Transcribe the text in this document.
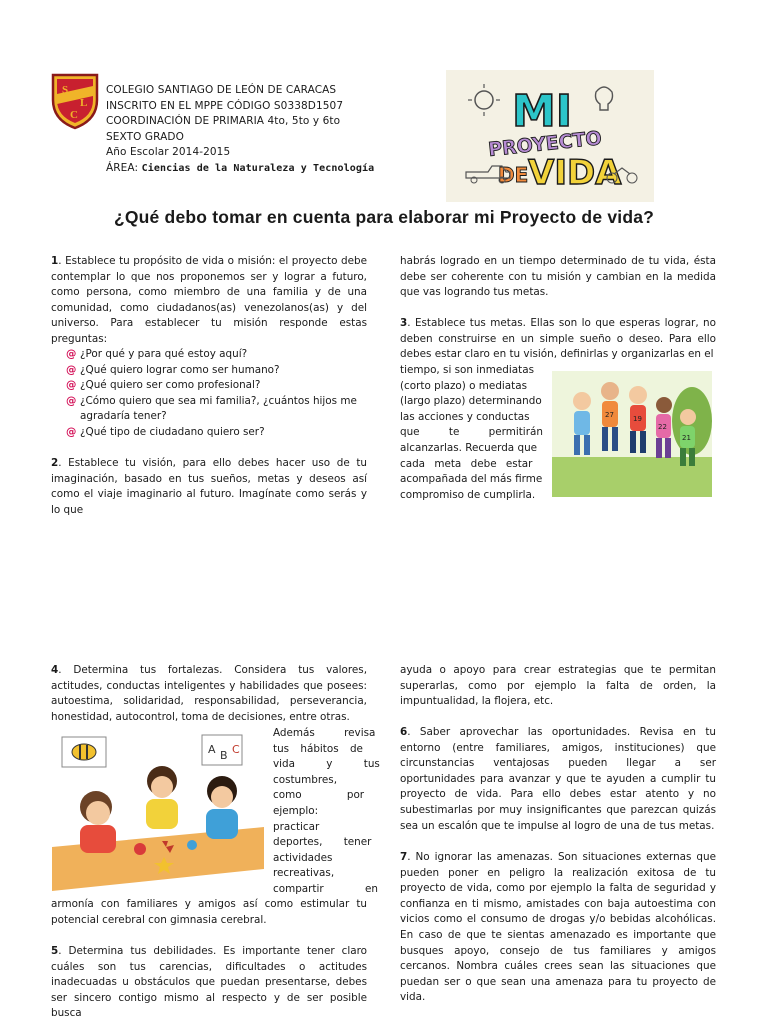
S
L
C
COLEGIO SANTIAGO DE LEÓN DE CARACAS
INSCRITO EN EL MPPE CÓDIGO S0338D1507
COORDINACIÓN DE PRIMARIA 4to, 5to y 6to
SEXTO GRADO
Año Escolar 2014-2015
ÁREA: Ciencias de la Naturaleza y Tecnología
MI
PROYECTO
DE VIDA
¿Qué debo tomar en cuenta para elaborar mi Proyecto de vida?

1. Establece tu propósito de vida o misión: el proyecto debe contemplar lo que nos proponemos ser y lograr a futuro, como persona, como miembro de una familia y de una comunidad, como ciudadanos(as) venezolanos(as) y del universo. Para establecer tu misión responde estas preguntas:

@ ¿Por qué y para qué estoy aquí?
@ ¿Qué quiero lograr como ser humano?
@ ¿Qué quiero ser como profesional?
@ ¿Cómo quiero que sea mi familia?, ¿cuántos hijos me
agradaría tener?
@ ¿Qué tipo de ciudadano quiero ser?

2. Establece tu visión, para ello debes hacer uso de tu imaginación, basado en tus sueños, metas y deseos así como el viaje imaginario al futuro. Imagínate como serás y lo que

habrás logrado en un tiempo determinado de tu vida, ésta debe ser coherente con tu misión y cambian en la medida que vas logrando tus metas.

3. Establece tus metas. Ellas son lo que esperas lograr, no deben construirse en un simple sueño o deseo. Para ello debes estar claro en tu visión, definirlas y organizarlas en el

tiempo, si son inmediatas
(corto plazo) o mediatas
(largo plazo) determinando
las acciones y conductas
que te permitirán
alcanzarlas. Recuerda que
cada meta debe estar
acompañada del más firme
compromiso de cumplirla.
27	19
22
21

4. Determina tus fortalezas. Considera tus valores, actitudes, conductas inteligentes y habilidades que posees: autoestima, solidaridad, responsabilidad, perseverancia, honestidad, autocontrol, toma de decisiones, entre otras.

A B C
Además revisa
tus hábitos de
vida y tus
costumbres,
como por
ejemplo:
practicar
deportes, tener
actividades
recreativas,
compartir en

armonía con familiares y amigos así como estimular tu potencial cerebral con gimnasia cerebral.

5. Determina tus debilidades. Es importante tener claro cuáles son tus carencias, dificultades o actitudes inadecuadas u obstáculos que puedan presentarse, debes ser sincero contigo mismo al respecto y de ser posible busca

ayuda o apoyo para crear estrategias que te permitan superarlas, como por ejemplo la falta de orden, la impuntualidad, la flojera, etc.

6. Saber aprovechar las oportunidades. Revisa en tu entorno (entre familiares, amigos, instituciones) que circunstancias ventajosas pueden llegar a ser oportunidades para avanzar y que te ayuden a cumplir tu proyecto de vida. Para ello debes estar atento y no subestimarlas por muy insignificantes que parezcan quizás sea un escalón que te impulse al logro de una de tus metas.

7. No ignorar las amenazas. Son situaciones externas que pueden poner en peligro la realización exitosa de tu proyecto de vida, como por ejemplo la falta de seguridad y confianza en ti mismo, amistades con baja autoestima con vicios como el consumo de drogas y/o bebidas alcohólicas. En caso de que te sientas amenazado es importante que busques apoyo, consejo de tus familiares y amigos cercanos. Nombra cuáles crees sean las situaciones que puedan ser o que sean una amenaza para tu proyecto de vida.
